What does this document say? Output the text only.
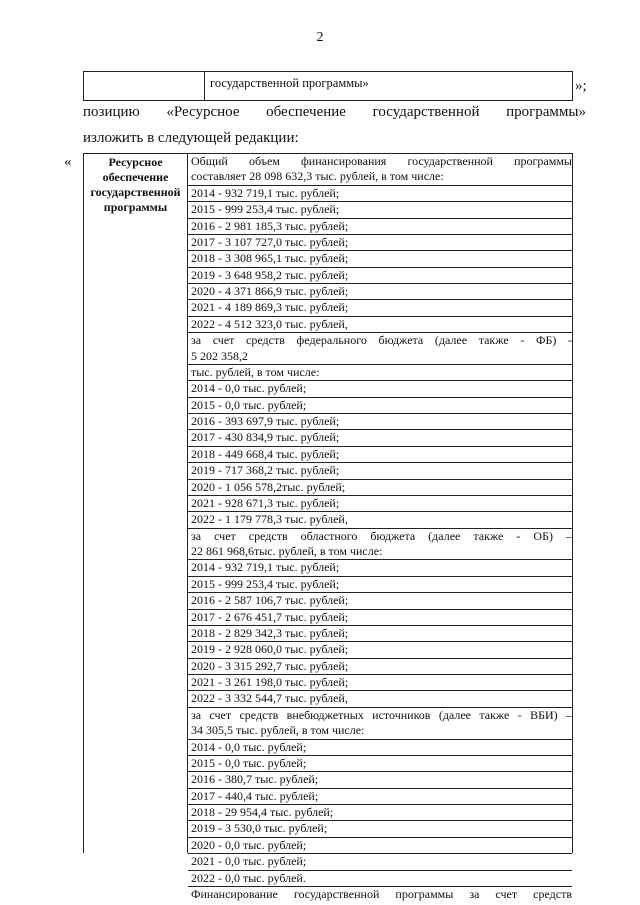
2
государственной программы»	»;
позицию «Ресурсное обеспечение государственной программы»
изложить в следующей редакции:
«	Ресурсное
обеспечение
государственной
программы
Общий объем финансирования государственной программы
составляет 28 098 632,3 тыс. рублей, в том числе:
2014 - 932 719,1 тыс. рублей;
2015 - 999 253,4 тыс. рублей;
2016 - 2 981 185,3 тыс. рублей;
2017 - 3 107 727,0 тыс. рублей;
2018 - 3 308 965,1 тыс. рублей;
2019 - 3 648 958,2 тыс. рублей;
2020 - 4 371 866,9 тыс. рублей;
2021 - 4 189 869,3 тыс. рублей;
2022 - 4 512 323,0 тыс. рублей,
за счет средств федерального бюджета (далее также - ФБ) -
5 202 358,2
тыс. рублей, в том числе:
2014 - 0,0 тыс. рублей;
2015 - 0,0 тыс. рублей;
2016 - 393 697,9 тыс. рублей;
2017 - 430 834,9 тыс. рублей;
2018 - 449 668,4 тыс. рублей;
2019 - 717 368,2 тыс. рублей;
2020 - 1 056 578,2тыс. рублей;
2021 - 928 671,3 тыс. рублей;
2022 - 1 179 778,3 тыс. рублей,
за счет средств областного бюджета (далее также - ОБ) –
22 861 968,6тыс. рублей, в том числе:
2014 - 932 719,1 тыс. рублей;
2015 - 999 253,4 тыс. рублей;
2016 - 2 587 106,7 тыс. рублей;
2017 - 2 676 451,7 тыс. рублей;
2018 - 2 829 342,3 тыс. рублей;
2019 - 2 928 060,0 тыс. рублей;
2020 - 3 315 292,7 тыс. рублей;
2021 - 3 261 198,0 тыс. рублей;
2022 - 3 332 544,7 тыс. рублей,
за счет средств внебюджетных источников (далее также - ВБИ) –
34 305,5 тыс. рублей, в том числе:
2014 - 0,0 тыс. рублей;
2015 - 0,0 тыс. рублей;
2016 - 380,7 тыс. рублей;
2017 - 440,4 тыс. рублей;
2018 - 29 954,4 тыс. рублей;
2019 - 3 530,0 тыс. рублей;
2020 - 0,0 тыс. рублей;
2021 - 0,0 тыс. рублей;
2022 - 0,0 тыс. рублей.
Финансирование государственной программы за счет средств
